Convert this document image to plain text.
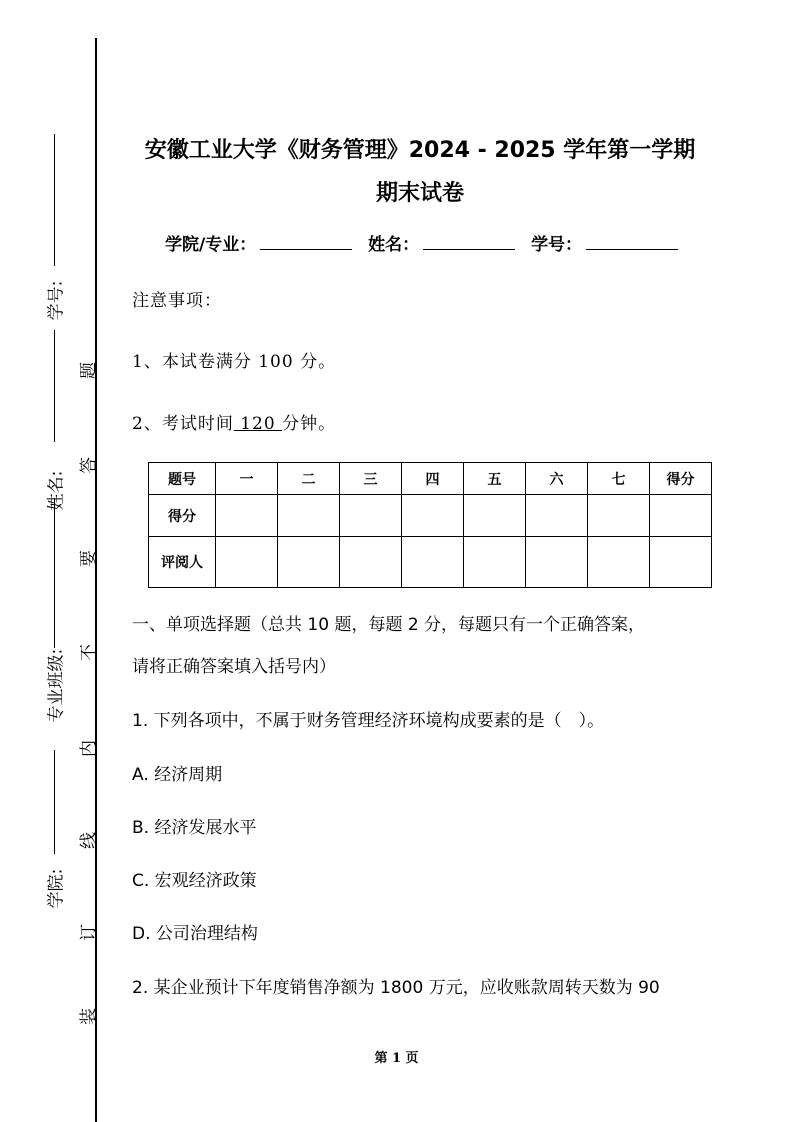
学号:
姓名:
专业班级:
学院:
题
答
要
不
内
线
订
装
安徽工业大学《财务管理》2024 - 2025 学年第一学期
期末试卷
学院/专业：	姓名：	学号：
注意事项：
1、本试卷满分 100 分。
2、考试时间 120 分钟。
题号	一	二	三	四	五	六	七	得分
得分								
评阅人								
一、单项选择题（总共 10 题，每题 2 分，每题只有一个正确答案，
请将正确答案填入括号内）
1. 下列各项中，不属于财务管理经济环境构成要素的是（　）。
A. 经济周期
B. 经济发展水平
C. 宏观经济政策
D. 公司治理结构
2. 某企业预计下年度销售净额为 1800 万元，应收账款周转天数为 90
第 1 页
